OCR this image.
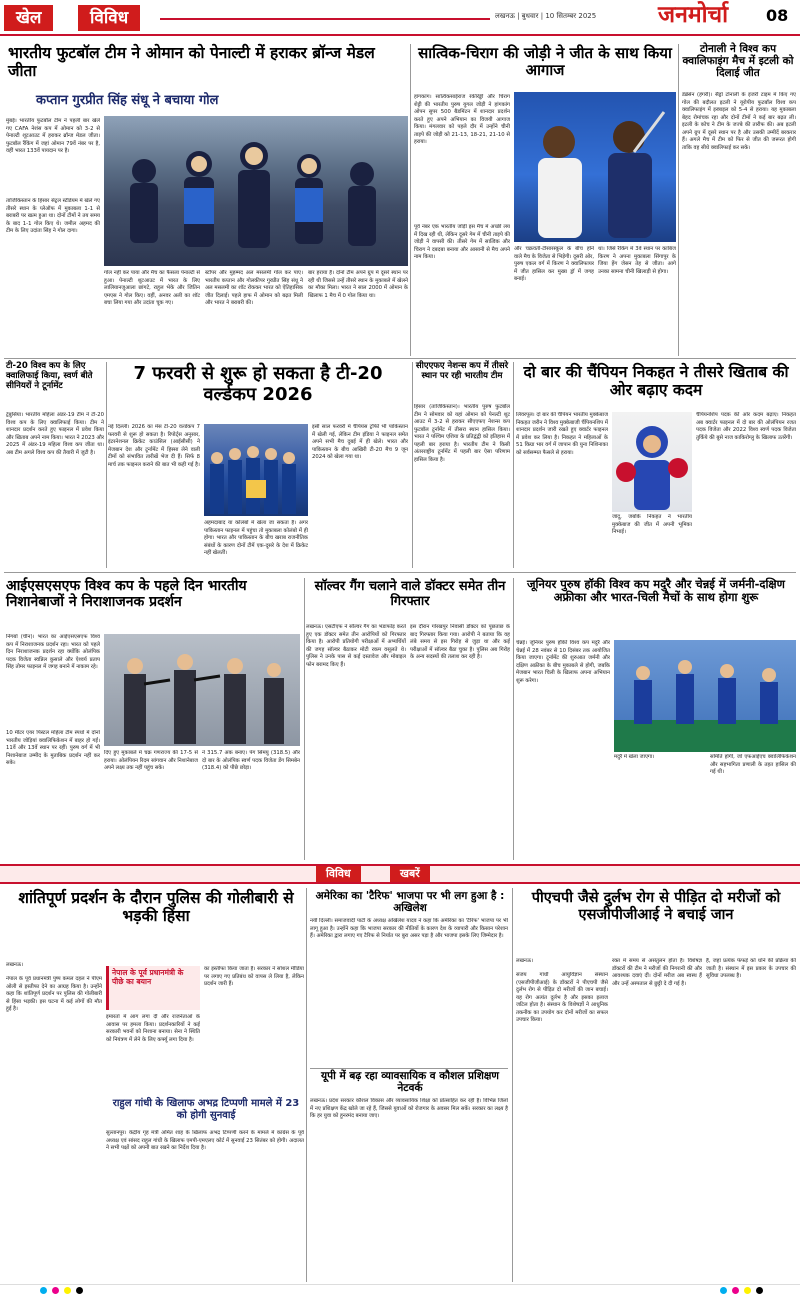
खेल	विविध	लखनऊ | बुधवार | 10 सितम्बर 2025	जनमोर्चा 08
भारतीय फुटबॉल टीम ने ओमान को पेनाल्टी में हराकर ब्रॉन्ज मेडल जीता
कप्तान गुरप्रीत सिंह संधू ने बचाया गोल
मुंबई। भारतीय फुटबॉल टीम ने पहली बार खेले गए CAFA नेशंस कप में ओमान को 3-2 से पेनाल्टी शूटआउट में हराकर ब्रॉन्ज मेडल जीता। फुटबॉल रैंकिंग में जहां ओमान 79वें नंबर पर है, वहीं भारत 133वें पायदान पर है।
ताजिकिस्तान के हिसार सेंट्रल स्टेडियम में खेले गए तीसरे स्थान के प्लेऑफ में मुकाबला 1-1 से बराबरी पर खत्म हुआ था। दोनों टीमों ने तय समय के बाद 1-1 गोल किए थे। जमील अहमद की टीम के लिए उदांता सिंह ने गोल दागा।
गोल नहीं कर पाया और मैच का फैसला पेनाल्टी से हुआ। पेनाल्टी शूटआउट में भारत के लिए लालियानजुआला छांगटे, राहुल भेके और जितिन एमएस ने गोल किए। वहीं, अनवर अली का शॉट बचा लिया गया और उदांता चूक गए।
स्टॉपर और मुहम्मद अल मसलमी गोल कर पाए। भारतीय कप्तान और गोलकीपर गुरप्रीत सिंह संधू ने अल मसलमी का शॉट रोककर भारत को ऐतिहासिक जीत दिलाई। पहले हाफ में ओमान को बढ़त मिली और भारत ने बराबरी की।
बार हराया है। दोनों टीम अपने ग्रुप में दूसरे स्थान पर रही थी जिससे उन्हें तीसरे स्थान के मुकाबले में खेलने का मौका मिला। भारत ने साल 2000 में ओमान के खिलाफ 1 मैच में 0 गोल किया था।
सात्विक-चिराग की जोड़ी ने जीत के साथ किया आगाज
हांगकांग। सात्विकसाईराज रंकीरेड्डी और चिराग शेट्टी की भारतीय पुरुष युगल जोड़ी ने हांगकांग ओपन सुपर 500 बैडमिंटन में शानदार प्रदर्शन करते हुए अपने अभियान का विजयी आगाज किया। मंगलवार को पहले दौर में उन्होंने चीनी ताइपे की जोड़ी को 21-13, 18-21, 21-10 से हराया।
पूर्व नंबर एक भारतीय जोड़ी इस मैच में अच्छी लय में दिख रही थी, लेकिन दूसरे गेम में चीनी ताइपे की जोड़ी ने वापसी की। तीसरे गेम में सात्विक और चिराग ने दबदबा बनाया और आसानी से मैच अपने नाम किया।
और चक्रवर्ती-टीसारस्कूल के बीच होने वाले मैच के विजेता से भिड़ेगी। दूसरी ओर, पुरुष एकल वर्ग में किरण ने क्वालिफायर में जीत हासिल कर मुख्य ड्रॉ में जगह बनाई।
था। जिसे रैंकिंग में 3वें स्थान पर काबिज किरण ने अपना मुकाबला सिंगापुर के जिया हेंग जेसन तेह से जीता। आगे उनका सामना चीनी खिलाड़ी से होगा।
टोनाली ने विश्व कप क्वालिफाइंग मैच में इटली को दिलाई जीत
डेब्रेसेन (हंगरी)। सैंड्रो टोनाली के इंजरी टाइम में किए गए गोल की बदौलत इटली ने यूरोपीय फुटबॉल विश्व कप क्वालिफाइंग में इस्त्राइल को 5-4 से हराया। यह मुकाबला बेहद रोमांचक रहा और दोनों टीमों ने कई बार बढ़त ली। इटली के कोच ने टीम के जज्बे की तारीफ की। अब इटली अपने ग्रुप में दूसरे स्थान पर है और उसकी उम्मीदें बरकरार हैं। अगले मैच में टीम को फिर से जीत की जरूरत होगी ताकि वह सीधे क्वालिफाई कर सके।
टी-20 विश्व कप के लिए क्वालिफाई किया, स्वर्ण बीते सीनियरों ने टूर्नामेंट
ट्रेबुसिया। भारतीय महिला अंडर-19 टीम ने टी-20 विश्व कप के लिए क्वालिफाई किया। टीम ने शानदार प्रदर्शन करते हुए फाइनल में प्रवेश किया और खिताब अपने नाम किया। भारत ने 2023 और 2025 में अंडर-19 महिला विश्व कप जीता था। अब टीम अगले विश्व कप की तैयारी में जुटी है।
7 फरवरी से शुरू हो सकता है टी-20 वर्ल्डकप 2026
नई दिल्ली। 2026 का मेंस टी-20 वर्ल्डकप 7 फरवरी से शुरू हो सकता है। रिपोर्ट्स अनुसार, इंटरनेशनल क्रिकेट काउंसिल (आईसीसी) ने मेजबान देश और टूर्नामेंट में हिस्सा लेने वाली टीमों को संभावित तारीखें भेज दी हैं। सिर्फ 8 मार्च तक फाइनल कराने की बात भी कही गई है।
अहमदाबाद या कोलंबो में खेला जा सकता है। अगर पाकिस्तान फाइनल में पहुंचा तो मुकाबला कोलंबो में ही होगा। भारत और पाकिस्तान के बीच खराब राजनीतिक संबंधों के कारण दोनों टीमें एक-दूसरे के देश में क्रिकेट नहीं खेलतीं।
इसी साल फरवरी में चैंपियंस ट्रॉफी भी पाकिस्तान में खेली गई, लेकिन टीम इंडिया ने फाइनल समेत अपने सभी मैच दुबई में ही खेले। भारत और पाकिस्तान के बीच आखिरी टी-20 मैच 9 जून 2024 को खेला गया था।
सीएएफए नेशन्स कप में तीसरे स्थान पर रही भारतीय टीम
हिसार (ताजिकिस्तान)। भारतीय पुरुष फुटबॉल टीम ने सोमवार को यहां ओमान को पेनल्टी शूट आउट में 3-2 से हराकर सीएएफए नेशन्स कप फुटबॉल टूर्नामेंट में तीसरा स्थान हासिल किया। भारत ने पश्चिम एशिया के प्रतिद्वंद्वी को इतिहास में पहली बार हराया है। भारतीय टीम ने किसी अंतरराष्ट्रीय टूर्नामेंट में पहली बार ऐसा परिणाम हासिल किया है।
दो बार की चैंपियन निकहत ने तीसरे खिताब की ओर बढ़ाए कदम
लिवरपूल। दो बार की चैंपियन भारतीय मुक्केबाज निकहत जरीन ने विश्व मुक्केबाजी चैंपियनशिप में शानदार प्रदर्शन जारी रखते हुए क्वार्टर फाइनल में प्रवेश कर लिया है। निकहत ने महिलाओं के 51 किग्रा भार वर्ग में जापान की युना निशिनाका को सर्वसम्मत फैसले से हराया।
जांदू, जबकि निकहत ने भारतीय मुक्केबाज की जीत में अपनी भूमिका निभाई।
चैंपियनशिप पदक की ओर कदम बढ़ाए। निकहत अब क्वार्टर फाइनल में दो बार की ओलंपियन रजत पदक विजेता और 2022 विश्व स्वर्ण पदक विजेता तुर्किये की बुसे नाज काकिरोग्लु के खिलाफ उतरेंगी।
आईएसएसएफ विश्व कप के पहले दिन भारतीय निशानेबाजों ने निराशाजनक प्रदर्शन
निंगबो (चीन)। भारत का आईएसएसएफ विश्व कप में निराशाजनक प्रदर्शन रहा। भारत को पहले दिन निराशाजनक प्रदर्शन रहा क्योंकि ओलंपिक पदक विजेता स्वप्निल कुसाले और ऐश्वर्य प्रताप सिंह तोमर फाइनल में जगह बनाने में नाकाम रहे।
10 मीटर एयर पिस्टल महिला टीम स्पर्धा में दोनों भारतीय जोड़ियां क्वालिफिकेशन में बाहर हो गईं। 11वें और 13वें स्थान पर रहीं। पुरुष वर्ग में भी निशानेबाज उम्मीद के मुताबिक प्रदर्शन नहीं कर सके।
दिए हुए मुकाबले में चक्र गणराज्य की 17-5 से हराया। ओलंपियन रिदम सांगवान और निशानेबाज अपने लक्ष्य तक नहीं पहुंच सके।
ने 315.7 अंक बनाए। पेंग सिमयु (318.5) और दो बार के ओलंपिक स्वर्ण पदक विजेता डेंग सिमबेन (318.4) को पीछे छोड़ा।
सॉल्वर गैंग चलाने वाले डॉक्टर समेत तीन गिरफ्तार
लखनऊ। एसटीएफ ने सॉल्वर गैंग का भंडाफोड़ करते हुए एक डॉक्टर समेत तीन आरोपियों को गिरफ्तार किया है। आरोपी प्रतियोगी परीक्षाओं में अभ्यर्थियों की जगह सॉल्वर बैठाकर मोटी रकम वसूलते थे। पुलिस ने उनके पास से कई दस्तावेज और मोबाइल फोन बरामद किए हैं।
इस दौरान गोरखपुर निवासी डॉक्टर को पूछताछ के बाद गिरफ्तार किया गया। आरोपी ने बताया कि वह लंबे समय से इस गिरोह से जुड़ा था और कई परीक्षाओं में सॉल्वर बैठा चुका है। पुलिस अब गिरोह के अन्य सदस्यों की तलाश कर रही है।
जूनियर पुरुष हॉकी विश्व कप मदुरै और चेन्नई में जर्मनी-दक्षिण अफ्रीका और भारत-चिली मैचों के साथ होगा शुरू
चेन्नई। जूनियर पुरुष हॉकी विश्व कप मदुरै और चेन्नई में 28 नवंबर से 10 दिसंबर तक आयोजित किया जाएगा। टूर्नामेंट की शुरुआत जर्मनी और दक्षिण अफ्रीका के बीच मुकाबले से होगी, जबकि मेजबान भारत चिली के खिलाफ अपना अभियान शुरू करेगा।
मदुरै में खेला जाएगा।	समिति होंगी, जो एफआईएच क्वालिफिकेशन और सहभागिता प्रणाली के तहत हासिल की गई थी।
विविध	खबरें
शांतिपूर्ण प्रदर्शन के दौरान पुलिस की गोलीबारी से भड़की हिंसा
लखनऊ।
नेपाल के पूर्व प्रधानमंत्री पुष्प कमल दहल ने पीएम ओली से इस्तीफा देने का आग्रह किया है। उन्होंने कहा कि शांतिपूर्ण प्रदर्शन पर पुलिस की गोलीबारी से हिंसा भड़की। इस घटना में कई लोगों की मौत हुई है।
नेपाल के पूर्व प्रधानमंत्री के पीछे का बयान
इमारतों में आग लगा दी और राजनेताओं के आवास पर हमला किया। प्रदर्शनकारियों ने कई सरकारी भवनों को निशाना बनाया। सेना ने स्थिति को नियंत्रण में लेने के लिए कर्फ्यू लगा दिया है।
का इस्तीफा किया जाता है। सरकार ने सोशल मीडिया पर लगाए गए प्रतिबंध को वापस ले लिया है, लेकिन प्रदर्शन जारी हैं।
राहुल गांधी के खिलाफ अभद्र टिप्पणी मामले में 23 को होगी सुनवाई
सुल्तानपुर। केंद्रीय गृह मंत्री अमित शाह के खिलाफ अभद्र टिप्पणी करने के मामले में कांग्रेस के पूर्व अध्यक्ष एवं सांसद राहुल गांधी के खिलाफ एमपी-एमएलए कोर्ट में सुनवाई 23 सितंबर को होगी। अदालत ने सभी पक्षों को अपनी बात रखने का निर्देश दिया है।
अमेरिका का 'टैरिफ' भाजपा पर भी लग हुआ है : अखिलेश
नयी दिल्ली। समाजवादी पार्टी के अध्यक्ष अखिलेश यादव ने कहा कि अमेरिका का 'टैरिफ' भाजपा पर भी लागू हुआ है। उन्होंने कहा कि भाजपा सरकार की नीतियों के कारण देश के व्यापारी और किसान परेशान हैं। अमेरिका द्वारा लगाए गए टैरिफ से निर्यात पर बुरा असर पड़ा है और भाजपा इसके लिए जिम्मेदार है।
यूपी में बढ़ रहा व्यावसायिक व कौशल प्रशिक्षण नेटवर्क
लखनऊ। प्रदेश सरकार कौशल विकास और व्यावसायिक शिक्षा को प्रोत्साहित कर रही है। विभिन्न जिलों में नए प्रशिक्षण केंद्र खोले जा रहे हैं, जिससे युवाओं को रोजगार के अवसर मिल सकें। सरकार का लक्ष्य है कि हर युवा को हुनरमंद बनाया जाए।
पीएचपी जैसे दुर्लभ रोग से पीड़ित दो मरीजों को एसजीपीजीआई ने बचाई जान
लखनऊ।
संजय गांधी आयुर्विज्ञान संस्थान (एसजीपीजीआई) के डॉक्टरों ने पीएचपी जैसे दुर्लभ रोग से पीड़ित दो मरीजों की जान बचाई। यह रोग अत्यंत दुर्लभ है और इसका इलाज जटिल होता है। संस्थान के विशेषज्ञों ने आधुनिक तकनीक का उपयोग कर दोनों मरीजों का सफल उपचार किया।
रक्त में समय से असंतुलन होता है। विशेषज्ञ डॉक्टरों की टीम ने मरीजों की निगरानी की और आवश्यक दवाएं दीं। दोनों मरीज अब स्वस्थ हैं और उन्हें अस्पताल से छुट्टी दे दी गई है।
है, जहां प्रत्येक फेफड़े को धोने की प्रक्रिया की जाती है। संस्थान में इस प्रकार के उपचार की सुविधा उपलब्ध है।
